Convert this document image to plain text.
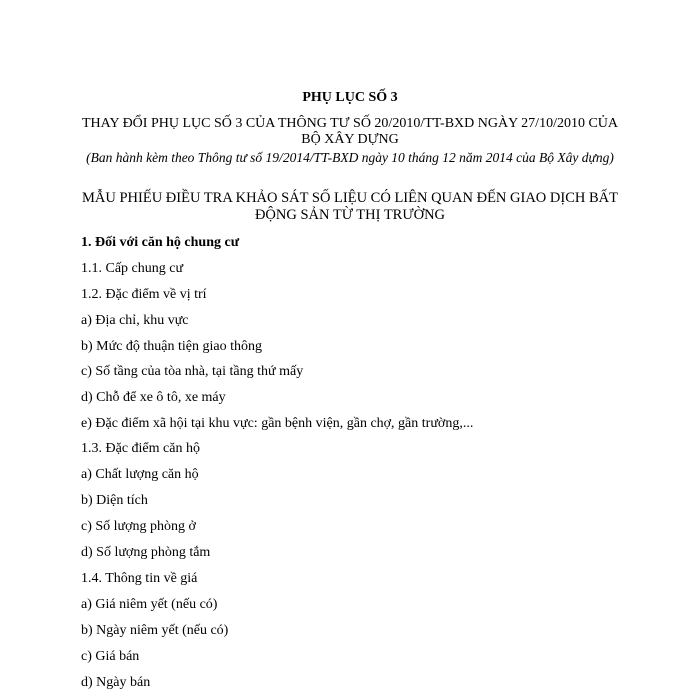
PHỤ LỤC SỐ 3
THAY ĐỔI PHỤ LỤC SỐ 3 CỦA THÔNG TƯ SỐ 20/2010/TT-BXD NGÀY 27/10/2010 CỦA BỘ XÂY DỰNG
(Ban hành kèm theo Thông tư số 19/2014/TT-BXD ngày 10 tháng 12 năm 2014 của Bộ Xây dựng)
MẪU PHIẾU ĐIỀU TRA KHẢO SÁT SỐ LIỆU CÓ LIÊN QUAN ĐẾN GIAO DỊCH BẤT ĐỘNG SẢN TỪ THỊ TRƯỜNG
1. Đối với căn hộ chung cư
1.1. Cấp chung cư
1.2. Đặc điểm về vị trí
a) Địa chỉ, khu vực
b) Mức độ thuận tiện giao thông
c) Số tầng của tòa nhà, tại tầng thứ mấy
d) Chỗ để xe ô tô, xe máy
e) Đặc điểm xã hội tại khu vực: gần bệnh viện, gần chợ, gần trường,...
1.3. Đặc điểm căn hộ
a) Chất lượng căn hộ
b) Diện tích
c) Số lượng phòng ở
d) Số lượng phòng tắm
1.4. Thông tin về giá
a) Giá niêm yết (nếu có)
b) Ngày niêm yết (nếu có)
c) Giá bán
d) Ngày bán
